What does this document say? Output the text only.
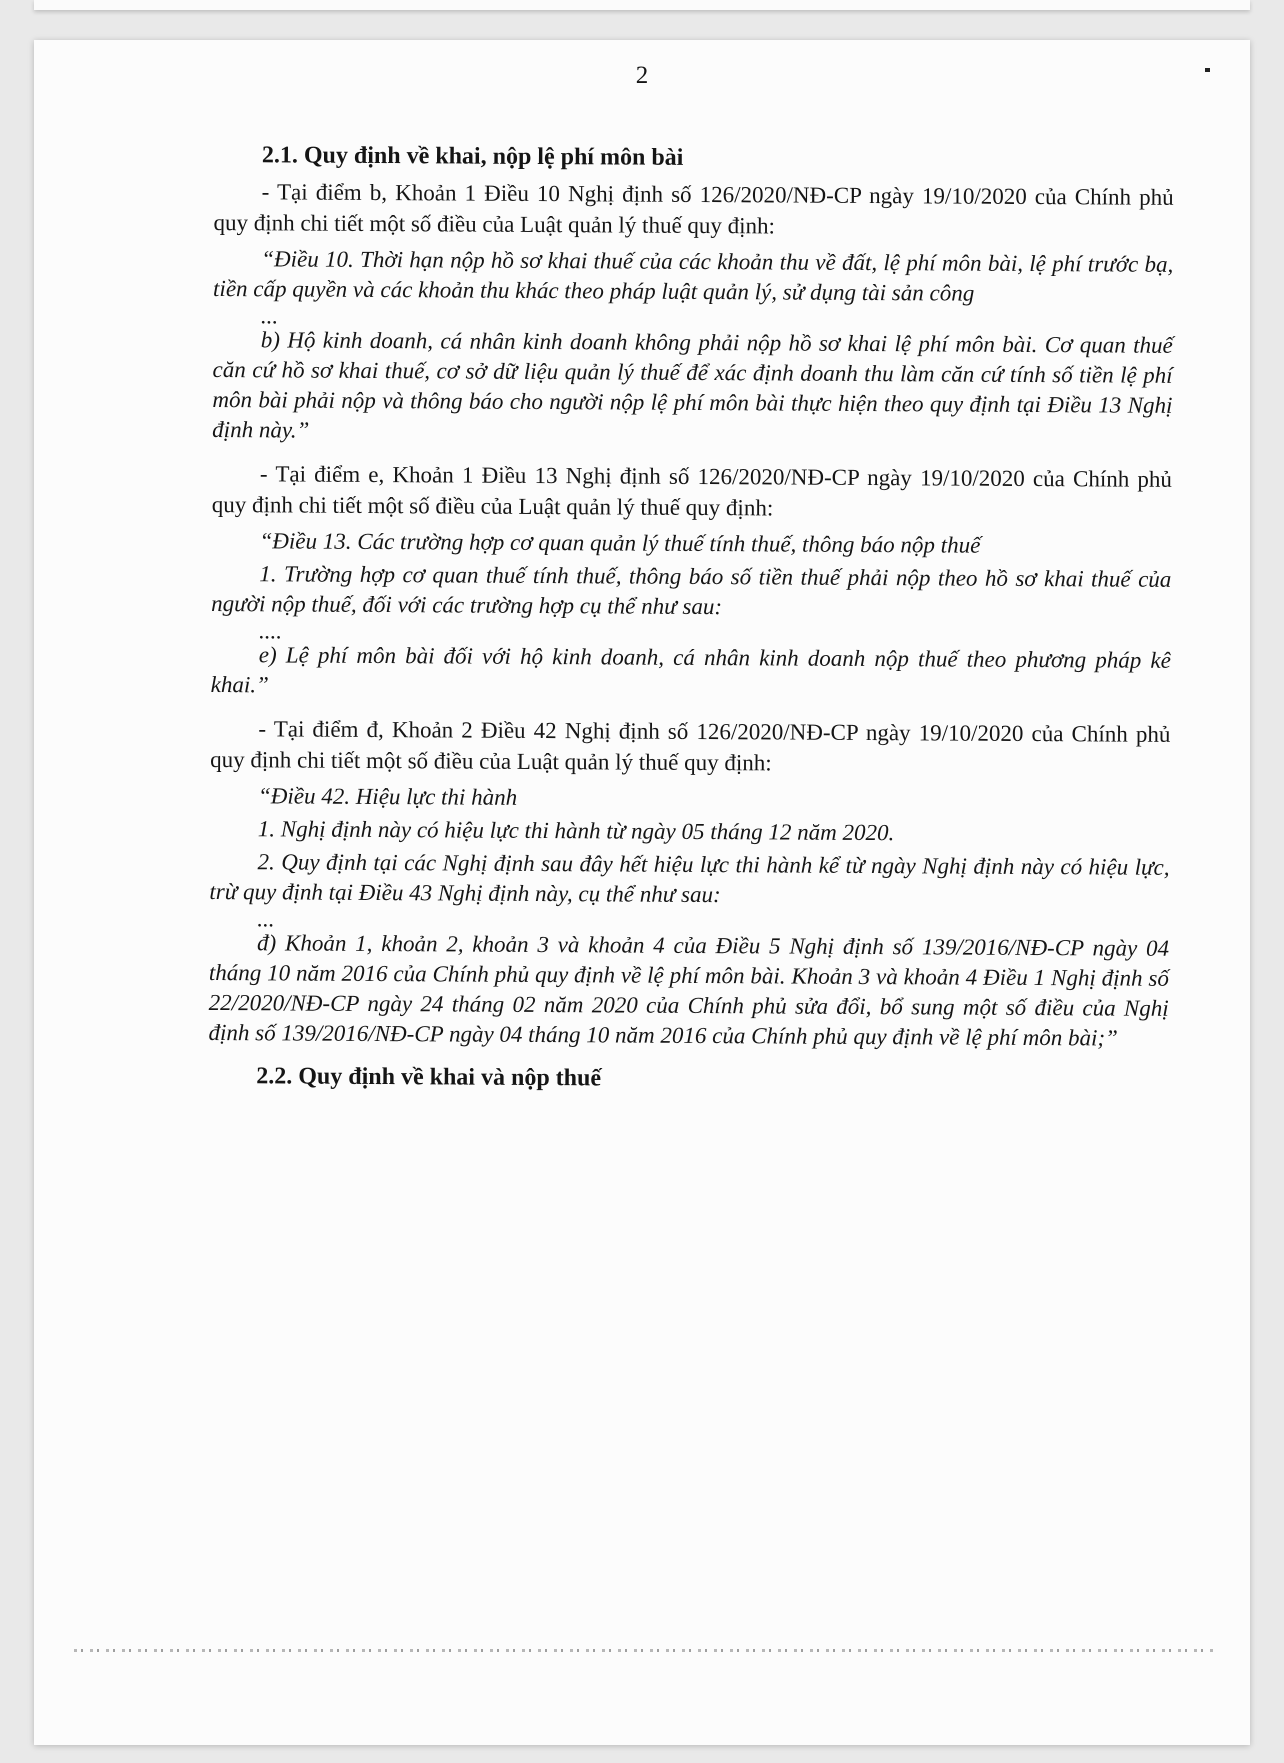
2
2.1. Quy định về khai, nộp lệ phí môn bài

- Tại điểm b, Khoản 1 Điều 10 Nghị định số 126/2020/NĐ-CP ngày 19/10/2020 của Chính phủ quy định chi tiết một số điều của Luật quản lý thuế quy định:

“Điều 10. Thời hạn nộp hồ sơ khai thuế của các khoản thu về đất, lệ phí môn bài, lệ phí trước bạ, tiền cấp quyền và các khoản thu khác theo pháp luật quản lý, sử dụng tài sản công

...

b) Hộ kinh doanh, cá nhân kinh doanh không phải nộp hồ sơ khai lệ phí môn bài. Cơ quan thuế căn cứ hồ sơ khai thuế, cơ sở dữ liệu quản lý thuế để xác định doanh thu làm căn cứ tính số tiền lệ phí môn bài phải nộp và thông báo cho người nộp lệ phí môn bài thực hiện theo quy định tại Điều 13 Nghị định này.”

- Tại điểm e, Khoản 1 Điều 13 Nghị định số 126/2020/NĐ-CP ngày 19/10/2020 của Chính phủ quy định chi tiết một số điều của Luật quản lý thuế quy định:

“Điều 13. Các trường hợp cơ quan quản lý thuế tính thuế, thông báo nộp thuế

1. Trường hợp cơ quan thuế tính thuế, thông báo số tiền thuế phải nộp theo hồ sơ khai thuế của người nộp thuế, đối với các trường hợp cụ thể như sau:

....

e) Lệ phí môn bài đối với hộ kinh doanh, cá nhân kinh doanh nộp thuế theo phương pháp kê khai.”

- Tại điểm đ, Khoản 2 Điều 42 Nghị định số 126/2020/NĐ-CP ngày 19/10/2020 của Chính phủ quy định chi tiết một số điều của Luật quản lý thuế quy định:

“Điều 42. Hiệu lực thi hành

1. Nghị định này có hiệu lực thi hành từ ngày 05 tháng 12 năm 2020.

2. Quy định tại các Nghị định sau đây hết hiệu lực thi hành kể từ ngày Nghị định này có hiệu lực, trừ quy định tại Điều 43 Nghị định này, cụ thể như sau:

...

đ) Khoản 1, khoản 2, khoản 3 và khoản 4 của Điều 5 Nghị định số 139/2016/NĐ-CP ngày 04 tháng 10 năm 2016 của Chính phủ quy định về lệ phí môn bài. Khoản 3 và khoản 4 Điều 1 Nghị định số 22/2020/NĐ-CP ngày 24 tháng 02 năm 2020 của Chính phủ sửa đổi, bổ sung một số điều của Nghị định số 139/2016/NĐ-CP ngày 04 tháng 10 năm 2016 của Chính phủ quy định về lệ phí môn bài;”

2.2. Quy định về khai và nộp thuế
